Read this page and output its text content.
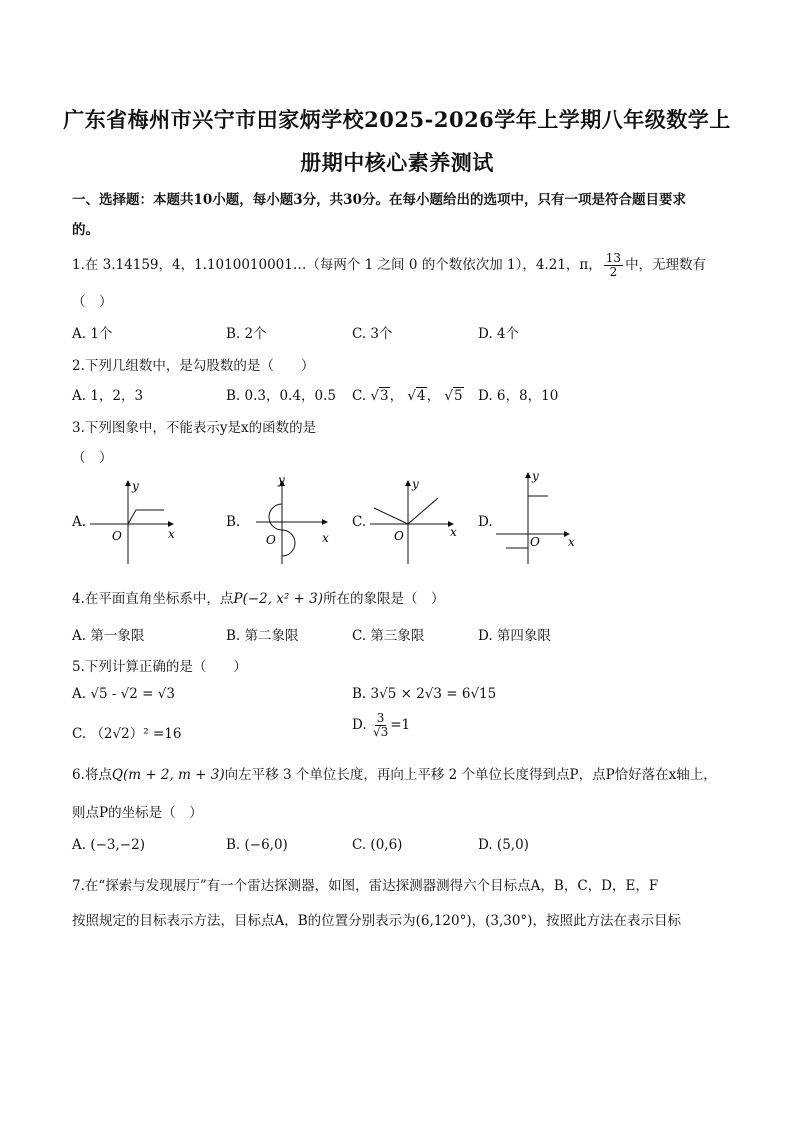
广东省梅州市兴宁市田家炳学校2025-2026学年上学期八年级数学上
册期中核心素养测试
一、选择题：本题共10小题，每小题3分，共30分。在每小题给出的选项中，只有一项是符合题目要求
的。
1.在 3.14159，4，1.1010010001…（每两个 1 之间 0 的个数依次加 1），4.21，π， $\frac{13}{2}$ 中，无理数有
（　）
A. 1个	B. 2个	C. 3个	D. 4个
2.下列几组数中，是勾股数的是（　　）
A. 1，2，3	B. 0.3，0.4，0.5 C. √3， √4， √5 D. 6，8，10
3.下列图象中，不能表示y是x的函数的是
（　）
A.
y
x
O
B.
y
x
O
C.
y
x
O
D.
y
x
O
4.在平面直角坐标系中，点P(−2, x² + 3)所在的象限是（　）
A. 第一象限	B. 第二象限	C. 第三象限	D. 第四象限
5.下列计算正确的是（　　）
A. √5 - √2 = √3	B. 3√5 × 2√3 = 6√15
C. （2√2）² =16
D. $\frac{3}{√3} =1$
6.将点Q(m + 2, m + 3)向左平移 3 个单位长度，再向上平移 2 个单位长度得到点P，点P恰好落在x轴上，
则点P的坐标是（　）
A. (−3,−2)	B. (−6,0)	C. (0,6)	D. (5,0)
7.在“探索与发现展厅”有一个雷达探测器，如图，雷达探测器测得六个目标点A，B，C，D，E，F
按照规定的目标表示方法，目标点A，B的位置分别表示为(6,120°)，(3,30°)，按照此方法在表示目标
